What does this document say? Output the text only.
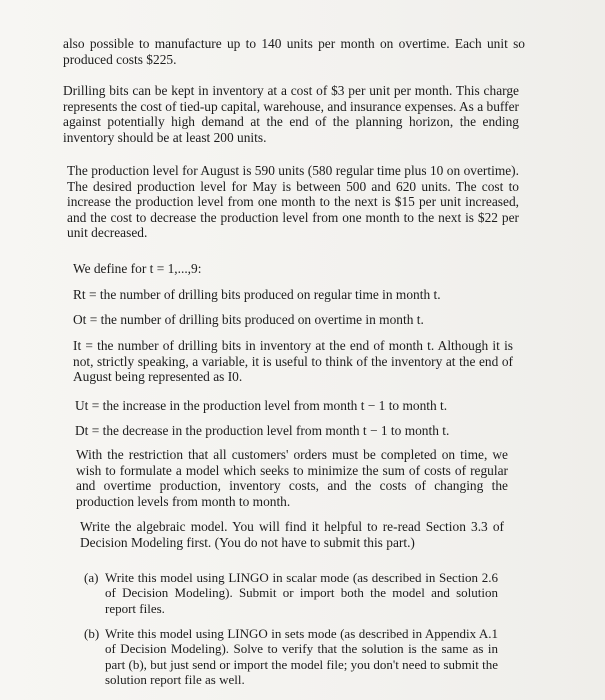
also possible to manufacture up to 140 units per month on overtime. Each unit so produced costs $225.

Drilling bits can be kept in inventory at a cost of $3 per unit per month. This charge represents the cost of tied-up capital, warehouse, and insurance expenses. As a buffer against potentially high demand at the end of the planning horizon, the ending inventory should be at least 200 units.

The production level for August is 590 units (580 regular time plus 10 on overtime). The desired production level for May is between 500 and 620 units. The cost to increase the production level from one month to the next is $15 per unit increased, and the cost to decrease the production level from one month to the next is $22 per unit decreased.

We define for t = 1,...,9:

Rt = the number of drilling bits produced on regular time in month t.

Ot = the number of drilling bits produced on overtime in month t.

It = the number of drilling bits in inventory at the end of month t. Although it is not, strictly speaking, a variable, it is useful to think of the inventory at the end of August being represented as I0.

Ut = the increase in the production level from month t − 1 to month t.

Dt = the decrease in the production level from month t − 1 to month t.

With the restriction that all customers' orders must be completed on time, we wish to formulate a model which seeks to minimize the sum of costs of regular and overtime production, inventory costs, and the costs of changing the production levels from month to month.

Write the algebraic model. You will find it helpful to re-read Section 3.3 of Decision Modeling first. (You do not have to submit this part.)

(a) Write this model using LINGO in scalar mode (as described in Section 2.6 of Decision Modeling). Submit or import both the model and solution report files.

(b) Write this model using LINGO in sets mode (as described in Appendix A.1 of Decision Modeling). Solve to verify that the solution is the same as in part (b), but just send or import the model file; you don't need to submit the solution report file as well.
